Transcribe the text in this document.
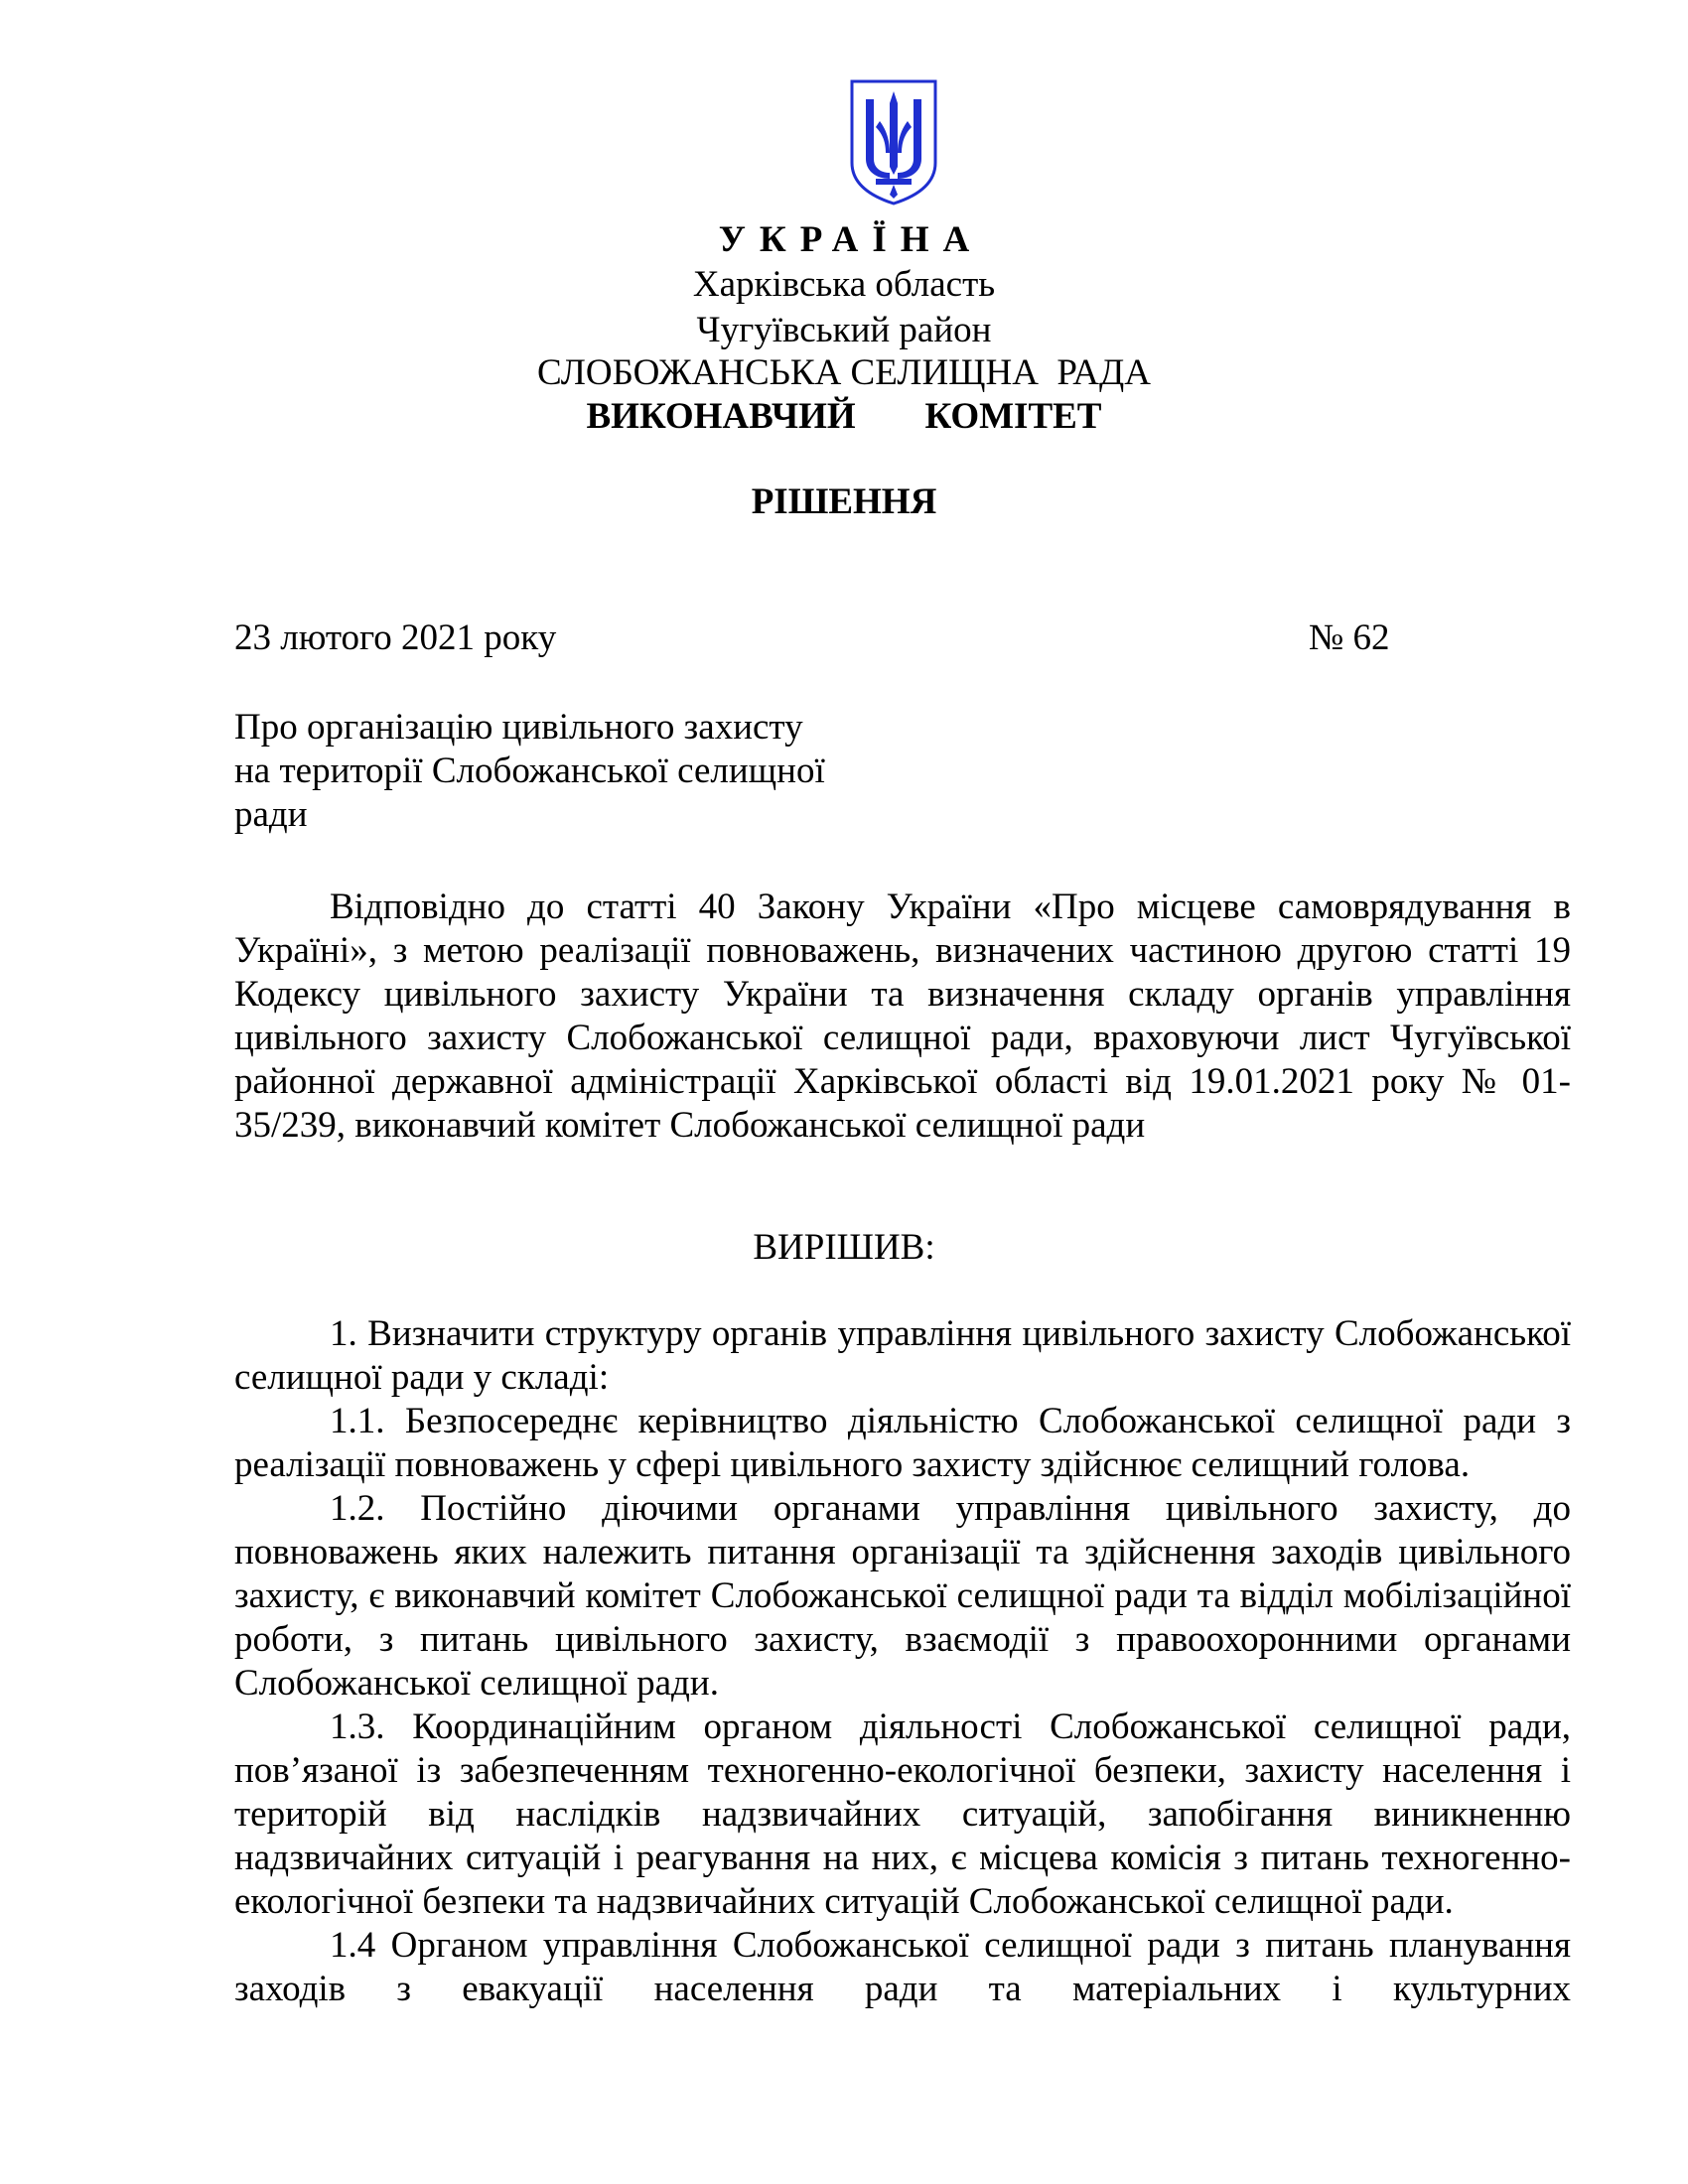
УКРАЇНА
Харківська область
Чугуївський район
СЛОБОЖАНСЬКА СЕЛИЩНА  РАДА
ВИКОНАВЧИЙ   КОМІТЕТ
РІШЕННЯ
23 лютого 2021 року	№ 62
Про організацію цивільного захисту
на території Слобожанської селищної
ради

Відповідно до статті 40 Закону України «Про місцеве самоврядування в Україні», з метою реалізації повноважень, визначених частиною другою статті 19 Кодексу цивільного захисту України та визначення складу органів управління цивільного захисту Слобожанської селищної ради, враховуючи лист Чугуївської районної державної адміністрації Харківської області від 19.01.2021 року № 01-35/239, виконавчий комітет Слобожанської селищної ради

ВИРІШИВ:

1. Визначити структуру органів управління цивільного захисту Слобожанської селищної ради у складі:

1.1. Безпосереднє керівництво діяльністю Слобожанської селищної ради з реалізації повноважень у сфері цивільного захисту здійснює селищний голова.

1.2. Постійно діючими органами управління цивільного захисту, до повноважень яких належить питання організації та здійснення заходів цивільного захисту, є виконавчий комітет Слобожанської селищної ради та відділ мобілізаційної роботи, з питань цивільного захисту, взаємодії з правоохоронними органами Слобожанської селищної ради.

1.3. Координаційним органом діяльності Слобожанської селищної ради, пов’язаної із забезпеченням техногенно-екологічної безпеки, захисту населення і територій від наслідків надзвичайних ситуацій, запобігання виникненню надзвичайних ситуацій і реагування на них, є місцева комісія з питань техногенно-екологічної безпеки та надзвичайних ситуацій Слобожанської селищної ради.

1.4 Органом управління Слобожанської селищної ради з питань планування заходів з евакуації населення ради та матеріальних і культурних
